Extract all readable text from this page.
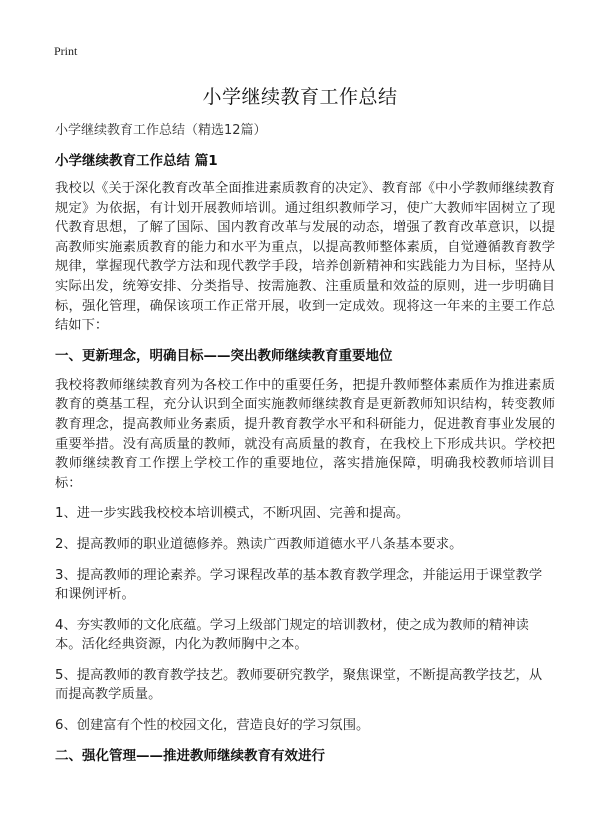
Print
小学继续教育工作总结

小学继续教育工作总结（精选12篇）

小学继续教育工作总结 篇1

我校以《关于深化教育改革全面推进素质教育的决定》、教育部《中小学教师继续教育规定》为依据，有计划开展教师培训。通过组织教师学习，使广大教师牢固树立了现代教育思想，了解了国际、国内教育改革与发展的动态，增强了教育改革意识，以提高教师实施素质教育的能力和水平为重点，以提高教师整体素质，自觉遵循教育教学规律，掌握现代教学方法和现代教学手段，培养创新精神和实践能力为目标，坚持从实际出发，统筹安排、分类指导、按需施教、注重质量和效益的原则，进一步明确目标，强化管理，确保该项工作正常开展，收到一定成效。现将这一年来的主要工作总结如下：

一、更新理念，明确目标——突出教师继续教育重要地位

我校将教师继续教育列为各校工作中的重要任务，把提升教师整体素质作为推进素质教育的奠基工程，充分认识到全面实施教师继续教育是更新教师知识结构，转变教师教育理念，提高教师业务素质，提升教育教学水平和科研能力，促进教育事业发展的重要举措。没有高质量的教师，就没有高质量的教育，在我校上下形成共识。学校把教师继续教育工作摆上学校工作的重要地位，落实措施保障，明确我校教师培训目标：

1、进一步实践我校校本培训模式，不断巩固、完善和提高。

2、提高教师的职业道德修养。熟读广西教师道德水平八条基本要求。

3、提高教师的理论素养。学习课程改革的基本教育教学理念，并能运用于课堂教学和课例评析。

4、夯实教师的文化底蕴。学习上级部门规定的培训教材，使之成为教师的精神读本。活化经典资源，内化为教师胸中之本。

5、提高教师的教育教学技艺。教师要研究教学，聚焦课堂，不断提高教学技艺，从而提高教学质量。

6、创建富有个性的校园文化，营造良好的学习氛围。

二、强化管理——推进教师继续教育有效进行
